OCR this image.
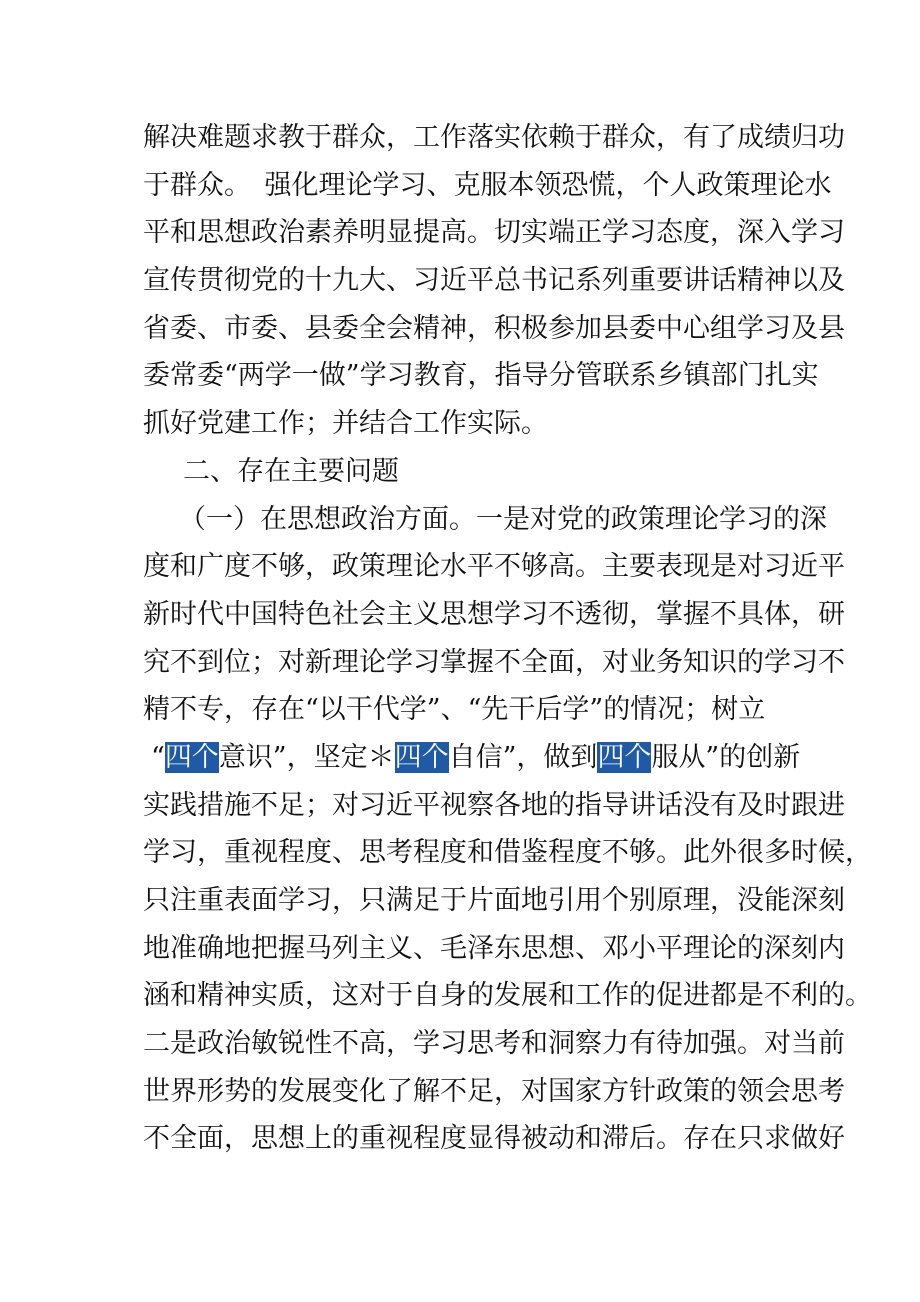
解决难题求教于群众，工作落实依赖于群众，有了成绩归功
于群众。　强化理论学习、克服本领恐慌，个人政策理论水
平和思想政治素养明显提高。切实端正学习态度，深入学习
宣传贯彻党的十九大、习近平总书记系列重要讲话精神以及
省委、市委、县委全会精神，积极参加县委中心组学习及县
委常委“两学一做”学习教育，指导分管联系乡镇部门扎实
抓好党建工作；并结合工作实际。
二、存在主要问题
（一）在思想政治方面。一是对党的政策理论学习的深
度和广度不够，政策理论水平不够高。主要表现是对习近平
新时代中国特色社会主义思想学习不透彻，掌握不具体，研
究不到位；对新理论学习掌握不全面，对业务知识的学习不
精不专，存在“以干代学”、“先干后学”的情况；树立
“四个意识”，坚定＊四个自信”，做到四个服从”的创新
实践措施不足；对习近平视察各地的指导讲话没有及时跟进
学习，重视程度、思考程度和借鉴程度不够。此外很多时候，
只注重表面学习，只满足于片面地引用个别原理，没能深刻
地准确地把握马列主义、毛泽东思想、邓小平理论的深刻内
涵和精神实质，这对于自身的发展和工作的促进都是不利的。
二是政治敏锐性不高，学习思考和洞察力有待加强。对当前
世界形势的发展变化了解不足，对国家方针政策的领会思考
不全面，思想上的重视程度显得被动和滞后。存在只求做好
